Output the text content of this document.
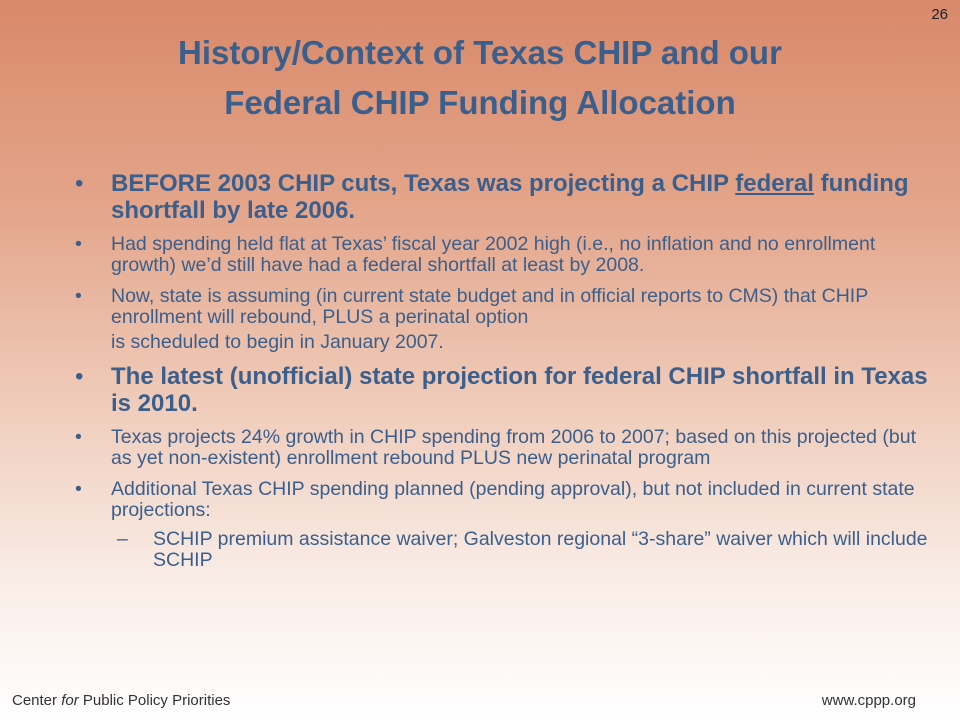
26
History/Context of Texas CHIP and our
Federal CHIP Funding Allocation
• BEFORE 2003 CHIP cuts, Texas was projecting a CHIP federal funding shortfall by late 2006.
• Had spending held flat at Texas’ fiscal year 2002 high (i.e., no inflation and no enrollment growth) we’d still have had a federal shortfall at least by 2008.
• Now, state is assuming (in current state budget and in official reports to CMS) that CHIP enrollment will rebound, PLUS a perinatal option
is scheduled to begin in January 2007.
• The latest (unofficial) state projection for federal CHIP shortfall in Texas is 2010.
• Texas projects 24% growth in CHIP spending from 2006 to 2007; based on this projected (but as yet non-existent) enrollment rebound PLUS new perinatal program
• Additional Texas CHIP spending planned (pending approval), but not included in current state projections:
– SCHIP premium assistance waiver; Galveston regional “3-share” waiver which will include SCHIP
Center for Public Policy Priorities	www.cppp.org
